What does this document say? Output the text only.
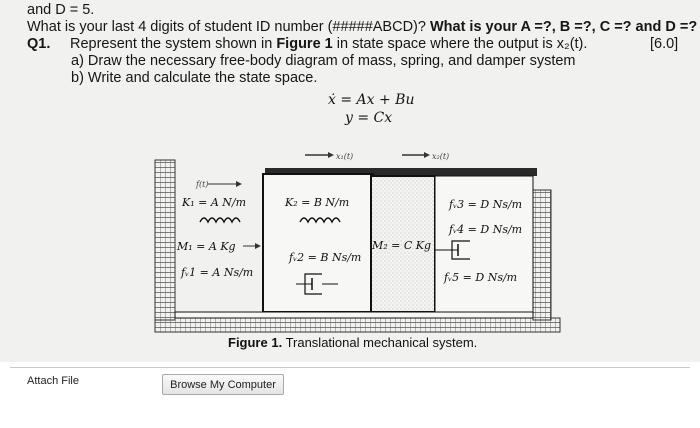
and D = 5.
What is your last 4 digits of student ID number (#####ABCD)? What is your A =?, B =?, C =? and D =?
Q1. Represent the system shown in Figure 1 in state space where the output is x₂(t).	[6.0]
a) Draw the necessary free-body diagram of mass, spring, and damper system
b) Write and calculate the state space.
ẋ = Ax + Bu
y = Cx
x₁(t)	x₂(t)
f(t)
K₁ = A N/m
M₁ = A Kg
fᵥ1 = A Ns/m
K₂ = B N/m
fᵥ2 = B Ns/m
M₂ = C Kg
fᵥ3 = D Ns/m
fᵥ4 = D Ns/m
fᵥ5 = D Ns/m
Figure 1. Translational mechanical system.
Attach File	Browse My Computer
